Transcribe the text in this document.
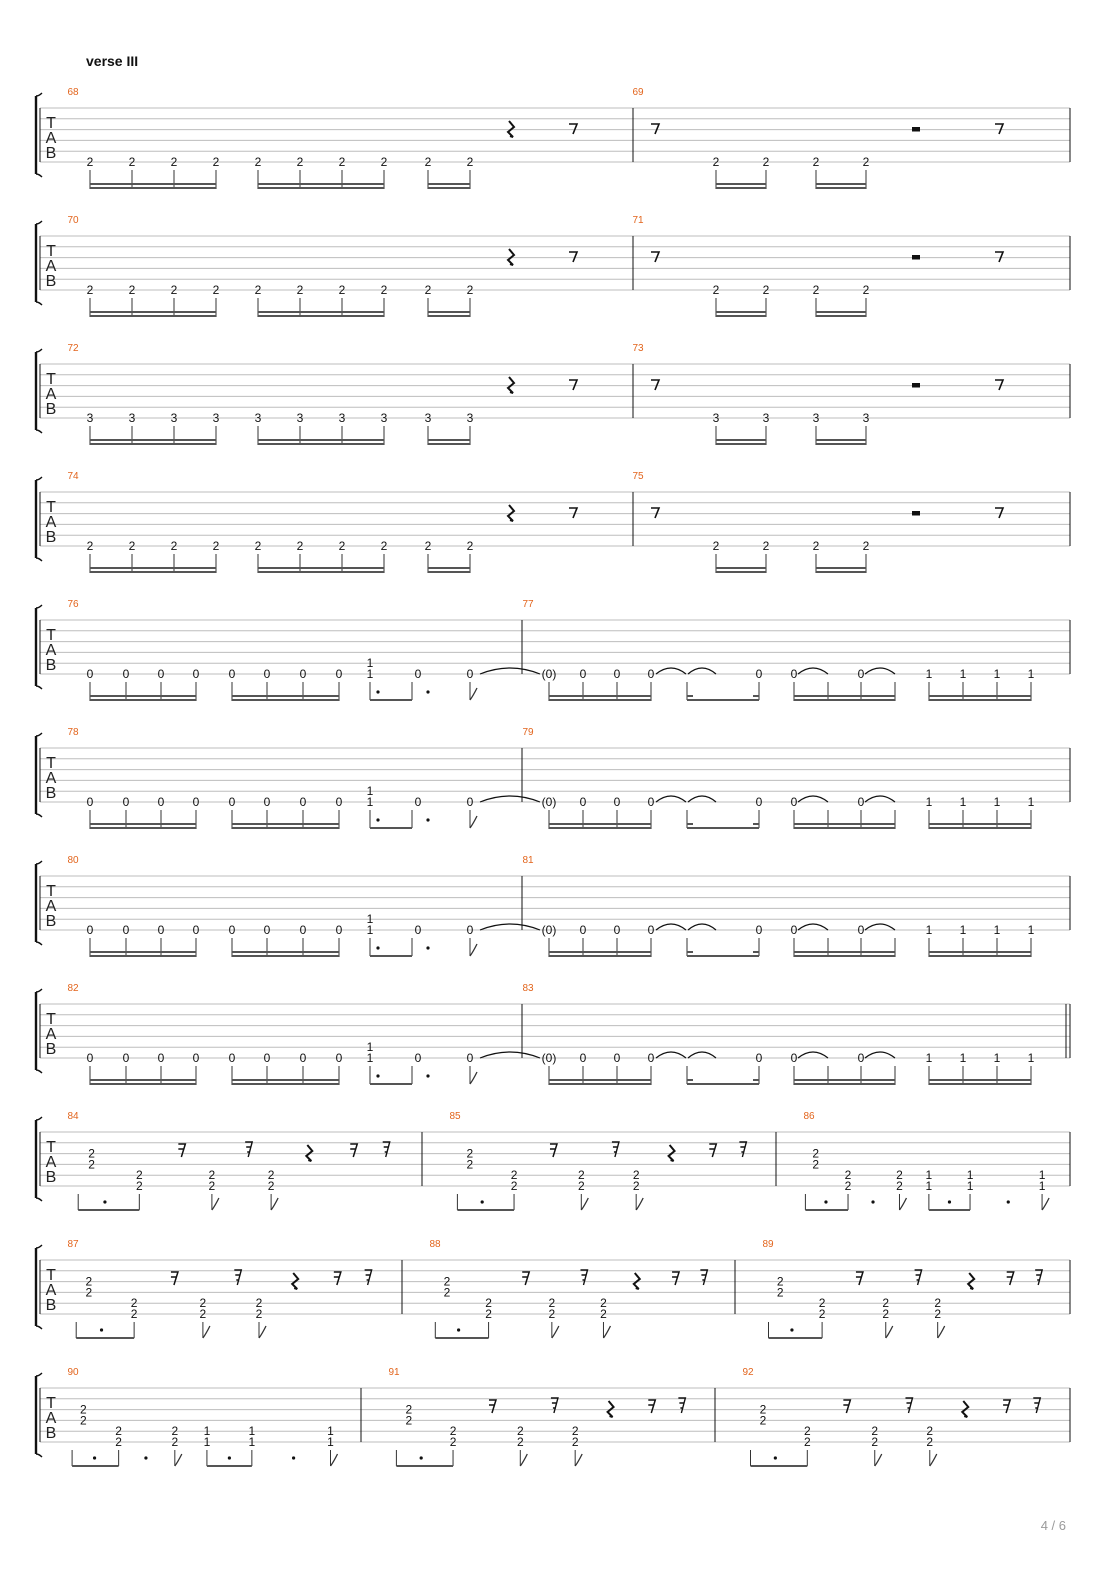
verse III
T
A
B
68	69
2	2	2	2	2	2	2	2	2	2	2	2	2	2
T
A
B
70	71
2	2	2	2	2	2	2	2	2	2	2	2	2	2
T
A
B
72	73
3	3	3	3	3	3	3	3	3	3	3	3	3	3
T
A
B
74	75
2	2	2	2	2	2	2	2	2	2	2	2	2	2
T
A
B
76	77
0 0 0 0 0 0 0 0
1
1	0	0	(0) 0 0 0	0 0	0	1 1 1 1
T
A
B
78	79
0 0 0 0 0 0 0 0
1
1	0	0	(0) 0 0 0	0 0	0	1 1 1 1
T
A
B
80	81
0 0 0 0 0 0 0 0
1
1	0	0	(0) 0 0 0	0 0	0	1 1 1 1
T
A
B
82	83
0 0 0 0 0 0 0 0
1
1	0	0	(0) 0 0 0	0 0	0	1 1 1 1
T
A
B
84
2
2
2
2
2
2
2
2
85
2
2
2
2
2
2
2
2
86
2
2
2
2
2
2
1
1
1
1
1
1
T
A
B
87
2
2
2
2
2
2
2
2
88
2
2
2
2
2
2
2
2
89
2
2
2
2
2
2
2
2
T
A
B
90
2
2
2
2
2
2
1
1
1
1
1
1
91
2
2
2
2
2
2
2
2
92
2
2
2
2
2
2
2
2
4 / 6
